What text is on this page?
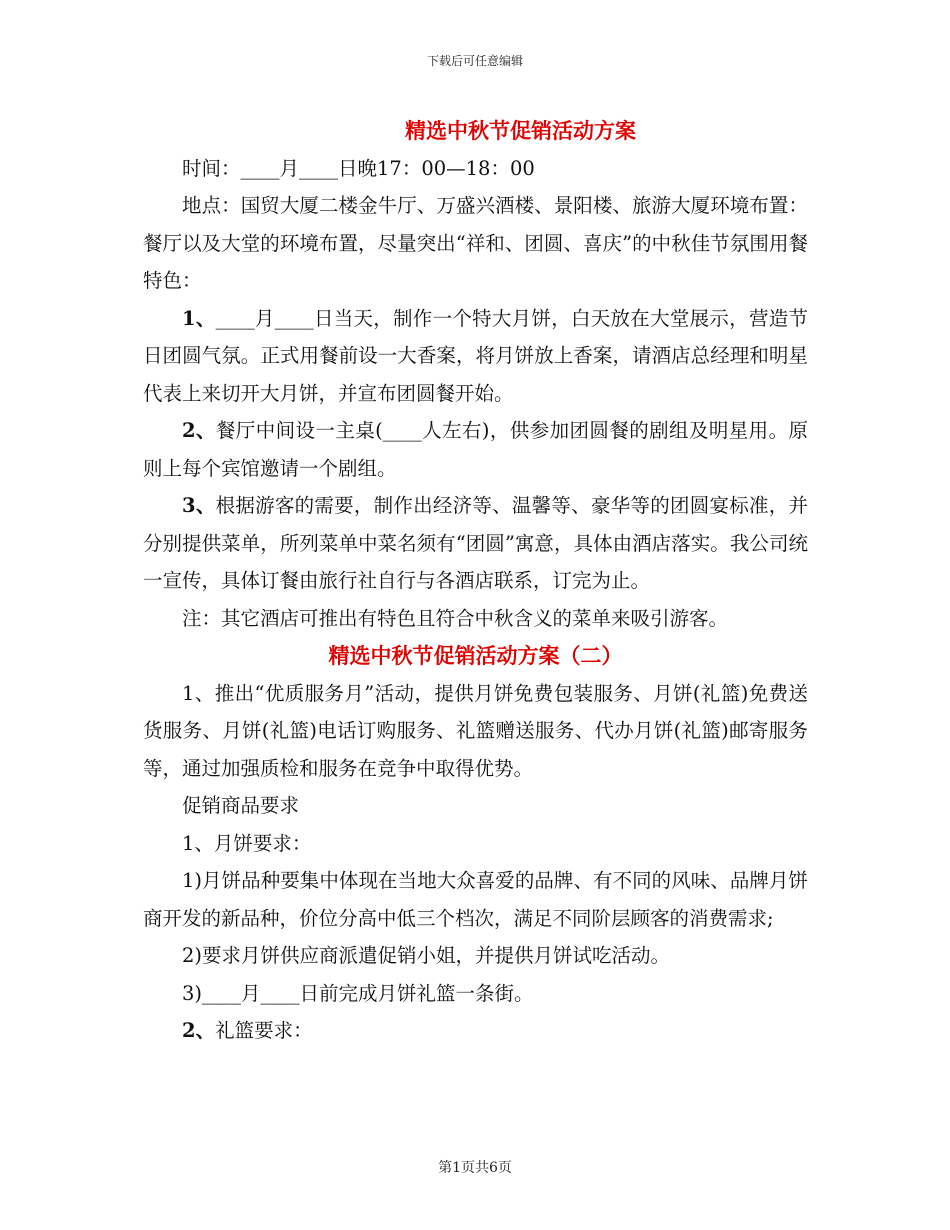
下载后可任意编辑
精选中秋节促销活动方案

时间：____月____日晚17：00—18：00

地点：国贸大厦二楼金牛厅、万盛兴酒楼、景阳楼、旅游大厦环境布置：餐厅以及大堂的环境布置，尽量突出“祥和、团圆、喜庆”的中秋佳节氛围用餐特色：

1、____月____日当天，制作一个特大月饼，白天放在大堂展示，营造节日团圆气氛。正式用餐前设一大香案，将月饼放上香案，请酒店总经理和明星代表上来切开大月饼，并宣布团圆餐开始。

2、餐厅中间设一主桌(____人左右)，供参加团圆餐的剧组及明星用。原则上每个宾馆邀请一个剧组。

3、根据游客的需要，制作出经济等、温馨等、豪华等的团圆宴标准，并分别提供菜单，所列菜单中菜名须有“团圆”寓意，具体由酒店落实。我公司统一宣传，具体订餐由旅行社自行与各酒店联系，订完为止。

注：其它酒店可推出有特色且符合中秋含义的菜单来吸引游客。

精选中秋节促销活动方案（二）

1、推出“优质服务月”活动，提供月饼免费包装服务、月饼(礼篮)免费送货服务、月饼(礼篮)电话订购服务、礼篮赠送服务、代办月饼(礼篮)邮寄服务等，通过加强质检和服务在竞争中取得优势。

促销商品要求

1、月饼要求：

1)月饼品种要集中体现在当地大众喜爱的品牌、有不同的风味、品牌月饼商开发的新品种，价位分高中低三个档次，满足不同阶层顾客的消费需求;

2)要求月饼供应商派遣促销小姐，并提供月饼试吃活动。

3)____月____日前完成月饼礼篮一条街。

2、礼篮要求：

第1页共6页
